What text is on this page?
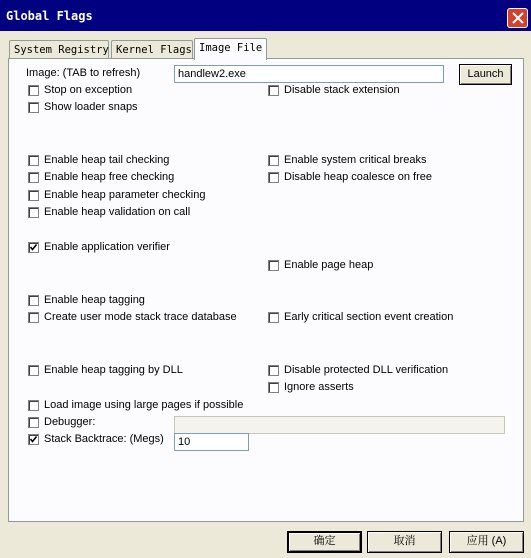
Global Flags
System Registry Kernel Flags Image File
Image: (TAB to refresh)	handlew2.exe	Launch
Stop on exception
Show loader snaps
Enable heap tail checking
Enable heap free checking
Enable heap parameter checking
Enable heap validation on call
Enable application verifier
Enable heap tagging
Create user mode stack trace database
Enable heap tagging by DLL
Load image using large pages if possible
Debugger:
Stack Backtrace: (Megs)
Disable stack extension
Enable system critical breaks
Disable heap coalesce on free
Enable page heap
Early critical section event creation
Disable protected DLL verification
Ignore asserts
10
确定	取消	应用 (A)
